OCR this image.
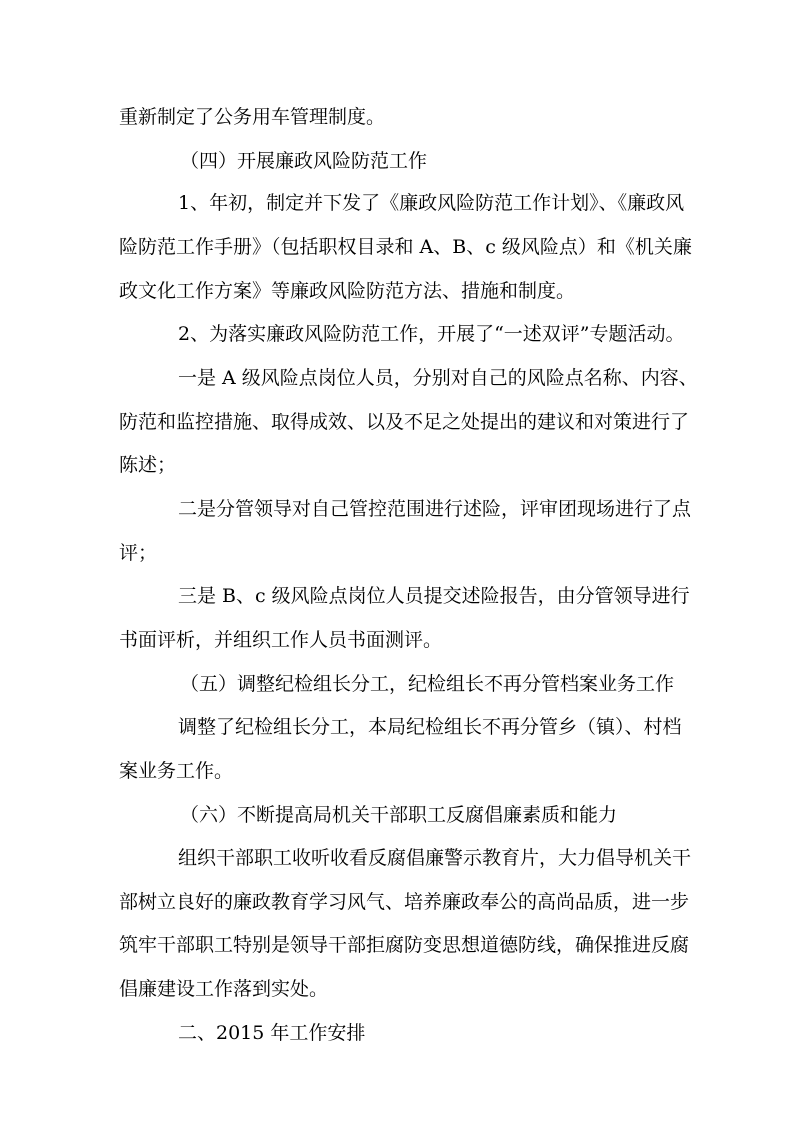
重新制定了公务用车管理制度。

（四）开展廉政风险防范工作

1、年初，制定并下发了《廉政风险防范工作计划》、《廉政风

险防范工作手册》（包括职权目录和 A、B、c 级风险点）和《机关廉

政文化工作方案》等廉政风险防范方法、措施和制度。

2、为落实廉政风险防范工作，开展了“一述双评”专题活动。

一是 A 级风险点岗位人员，分别对自己的风险点名称、内容、

防范和监控措施、取得成效、以及不足之处提出的建议和对策进行了

陈述；

二是分管领导对自己管控范围进行述险，评审团现场进行了点

评；

三是 B、c 级风险点岗位人员提交述险报告，由分管领导进行

书面评析，并组织工作人员书面测评。

（五）调整纪检组长分工，纪检组长不再分管档案业务工作

调整了纪检组长分工，本局纪检组长不再分管乡（镇）、村档

案业务工作。

（六）不断提高局机关干部职工反腐倡廉素质和能力

组织干部职工收听收看反腐倡廉警示教育片，大力倡导机关干

部树立良好的廉政教育学习风气、培养廉政奉公的高尚品质，进一步

筑牢干部职工特别是领导干部拒腐防变思想道德防线，确保推进反腐

倡廉建设工作落到实处。

二、2015 年工作安排
